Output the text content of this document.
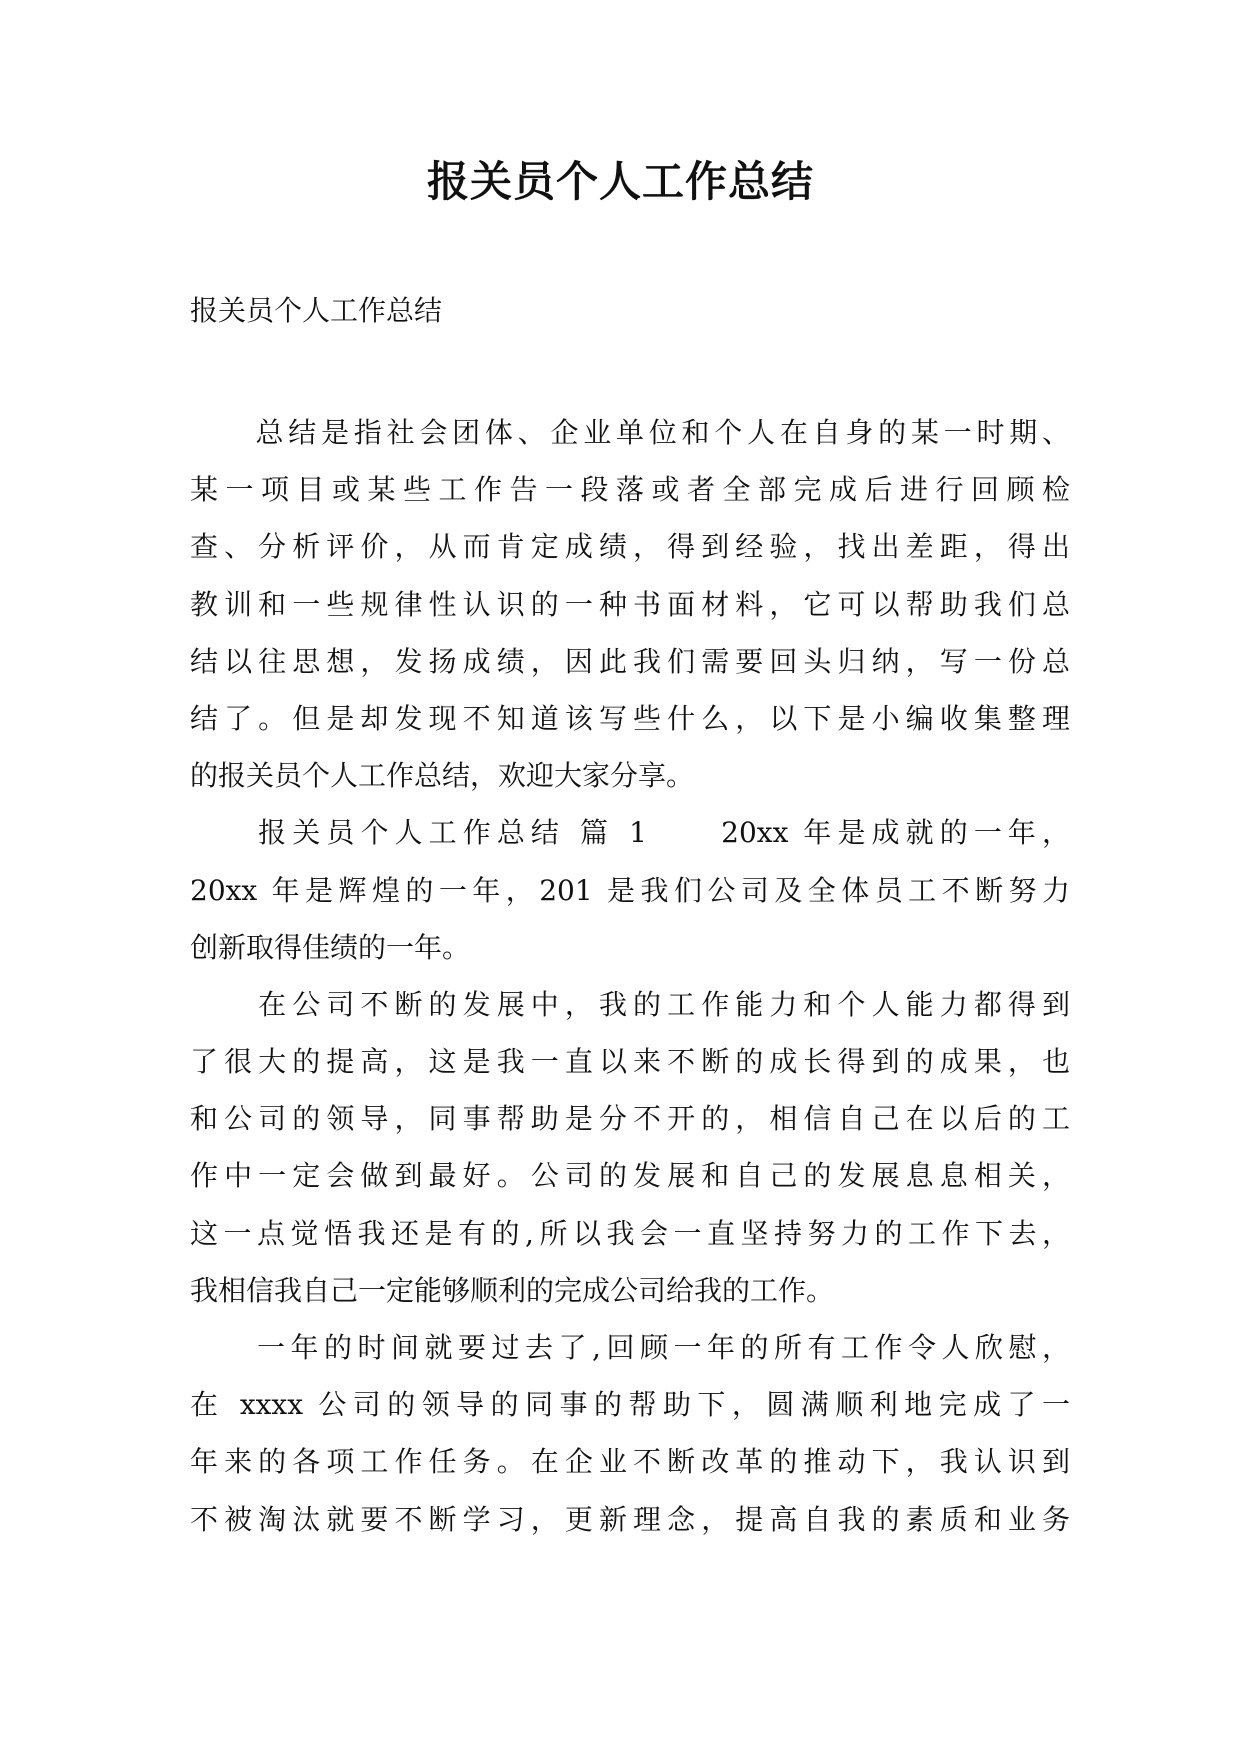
报关员个人工作总结
报关员个人工作总结
　　总结是指社会团体、企业单位和个人在自身的某一时期、
某一项目或某些工作告一段落或者全部完成后进行回顾检
查、分析评价，从而肯定成绩，得到经验，找出差距，得出
教训和一些规律性认识的一种书面材料，它可以帮助我们总
结以往思想，发扬成绩，因此我们需要回头归纳，写一份总
结了。但是却发现不知道该写些什么，以下是小编收集整理
的报关员个人工作总结，欢迎大家分享。
　　报关员个人工作总结 篇 1　　20xx 年是成就的一年，
20xx 年是辉煌的一年，201 是我们公司及全体员工不断努力
创新取得佳绩的一年。
　　在公司不断的发展中，我的工作能力和个人能力都得到
了很大的提高，这是我一直以来不断的成长得到的成果，也
和公司的领导，同事帮助是分不开的，相信自己在以后的工
作中一定会做到最好。公司的发展和自己的发展息息相关，
这一点觉悟我还是有的,所以我会一直坚持努力的工作下去，
我相信我自己一定能够顺利的完成公司给我的工作。
　　一年的时间就要过去了,回顾一年的所有工作令人欣慰，
在 xxxx 公司的领导的同事的帮助下，圆满顺利地完成了一
年来的各项工作任务。在企业不断改革的推动下，我认识到
不被淘汰就要不断学习，更新理念，提高自我的素质和业务
